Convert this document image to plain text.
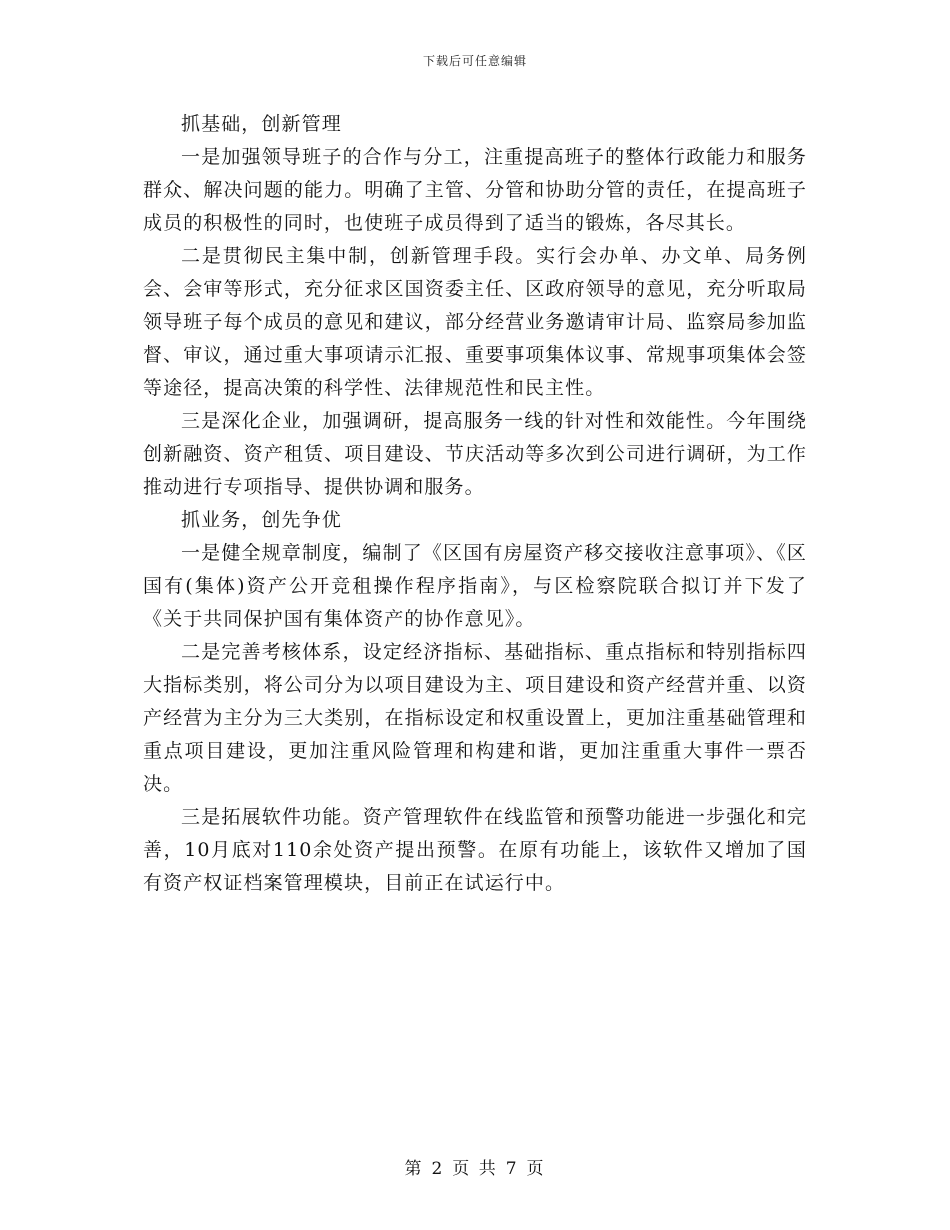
下载后可任意编辑

抓基础，创新管理

一是加强领导班子的合作与分工，注重提高班子的整体行政能力和服务群众、解决问题的能力。明确了主管、分管和协助分管的责任，在提高班子成员的积极性的同时，也使班子成员得到了适当的锻炼，各尽其长。

二是贯彻民主集中制，创新管理手段。实行会办单、办文单、局务例会、会审等形式，充分征求区国资委主任、区政府领导的意见，充分听取局领导班子每个成员的意见和建议，部分经营业务邀请审计局、监察局参加监督、审议，通过重大事项请示汇报、重要事项集体议事、常规事项集体会签等途径，提高决策的科学性、法律规范性和民主性。

三是深化企业，加强调研，提高服务一线的针对性和效能性。今年围绕创新融资、资产租赁、项目建设、节庆活动等多次到公司进行调研，为工作推动进行专项指导、提供协调和服务。

抓业务，创先争优

一是健全规章制度，编制了《区国有房屋资产移交接收注意事项》、《区国有(集体)资产公开竞租操作程序指南》，与区检察院联合拟订并下发了《关于共同保护国有集体资产的协作意见》。

二是完善考核体系，设定经济指标、基础指标、重点指标和特别指标四大指标类别，将公司分为以项目建设为主、项目建设和资产经营并重、以资产经营为主分为三大类别，在指标设定和权重设置上，更加注重基础管理和重点项目建设，更加注重风险管理和构建和谐，更加注重重大事件一票否决。

三是拓展软件功能。资产管理软件在线监管和预警功能进一步强化和完善，10月底对110余处资产提出预警。在原有功能上，该软件又增加了国有资产权证档案管理模块，目前正在试运行中。

第 2 页 共 7 页
